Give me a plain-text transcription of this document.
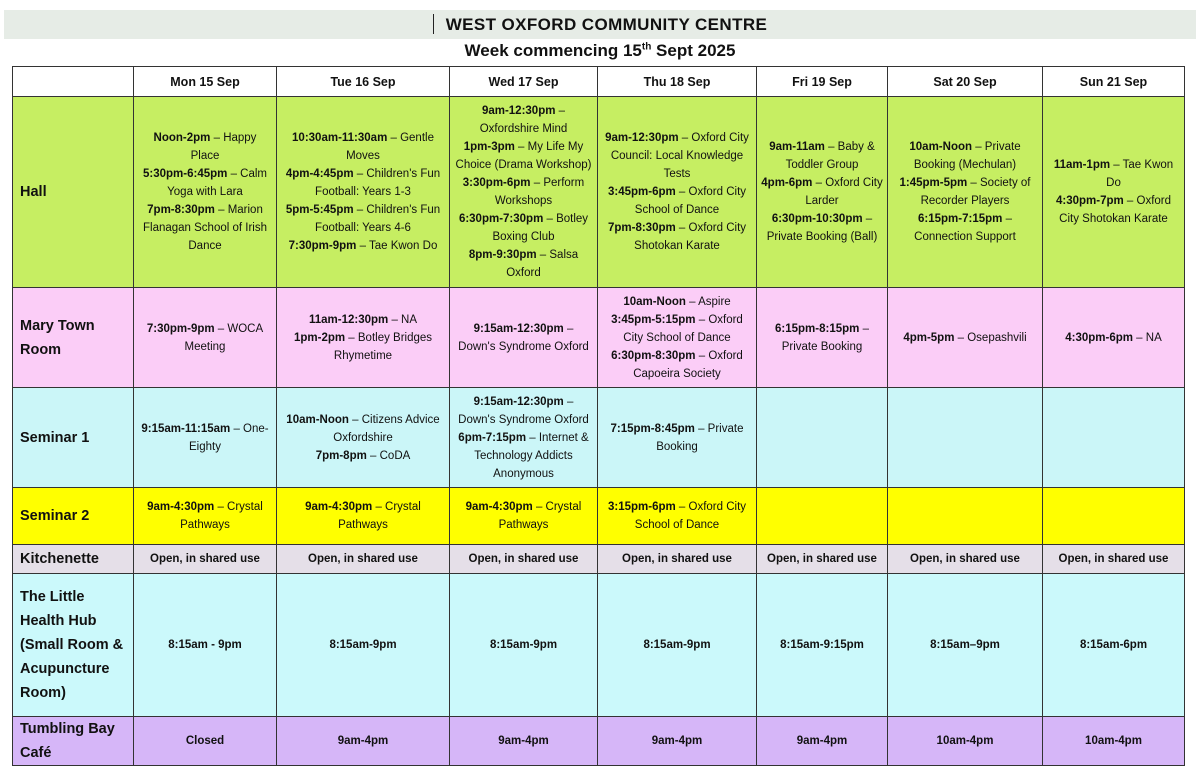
WEST OXFORD COMMUNITY CENTRE
Week commencing 15th Sept 2025
	Mon 15 Sep	Tue 16 Sep	Wed 17 Sep	Thu 18 Sep	Fri 19 Sep	Sat 20 Sep	Sun 21 Sep
Hall	Noon-2pm – Happy Place
5:30pm-6:45pm – Calm Yoga with Lara
7pm-8:30pm – Marion Flanagan School of Irish Dance	10:30am-11:30am – Gentle Moves
4pm-4:45pm – Children's Fun Football: Years 1-3
5pm-5:45pm – Children's Fun Football: Years 4-6
7:30pm-9pm – Tae Kwon Do	9am-12:30pm – Oxfordshire Mind
1pm-3pm – My Life My Choice (Drama Workshop)
3:30pm-6pm – Perform Workshops
6:30pm-7:30pm – Botley Boxing Club
8pm-9:30pm – Salsa Oxford	9am-12:30pm – Oxford City Council: Local Knowledge Tests
3:45pm-6pm – Oxford City School of Dance
7pm-8:30pm – Oxford City Shotokan Karate	9am-11am – Baby & Toddler Group
4pm-6pm – Oxford City Larder
6:30pm-10:30pm – Private Booking (Ball)	10am-Noon – Private Booking (Mechulan)
1:45pm-5pm – Society of Recorder Players
6:15pm-7:15pm – Connection Support	11am-1pm – Tae Kwon Do
4:30pm-7pm – Oxford City Shotokan Karate

Mary Town Room	7:30pm-9pm – WOCA Meeting	11am-12:30pm – NA
1pm-2pm – Botley Bridges Rhymetime	9:15am-12:30pm – Down's Syndrome Oxford	10am-Noon – Aspire
3:45pm-5:15pm – Oxford City School of Dance
6:30pm-8:30pm – Oxford Capoeira Society	6:15pm-8:15pm – Private Booking	4pm-5pm – Osepashvili	4:30pm-6pm – NA

Seminar 1	9:15am-11:15am – One-Eighty	10am-Noon – Citizens Advice Oxfordshire
7pm-8pm – CoDA	9:15am-12:30pm – Down's Syndrome Oxford
6pm-7:15pm – Internet & Technology Addicts Anonymous	7:15pm-8:45pm – Private Booking			

Seminar 2	9am-4:30pm – Crystal Pathways	9am-4:30pm – Crystal Pathways	9am-4:30pm – Crystal Pathways	3:15pm-6pm – Oxford City School of Dance			

Kitchenette	Open, in shared use	Open, in shared use	Open, in shared use	Open, in shared use	Open, in shared use	Open, in shared use	Open, in shared use
The Little Health Hub (Small Room & Acupuncture Room)	8:15am - 9pm	8:15am-9pm	8:15am-9pm	8:15am-9pm	8:15am-9:15pm	8:15am–9pm	8:15am-6pm
Tumbling Bay Café	Closed	9am-4pm	9am-4pm	9am-4pm	9am-4pm	10am-4pm	10am-4pm
